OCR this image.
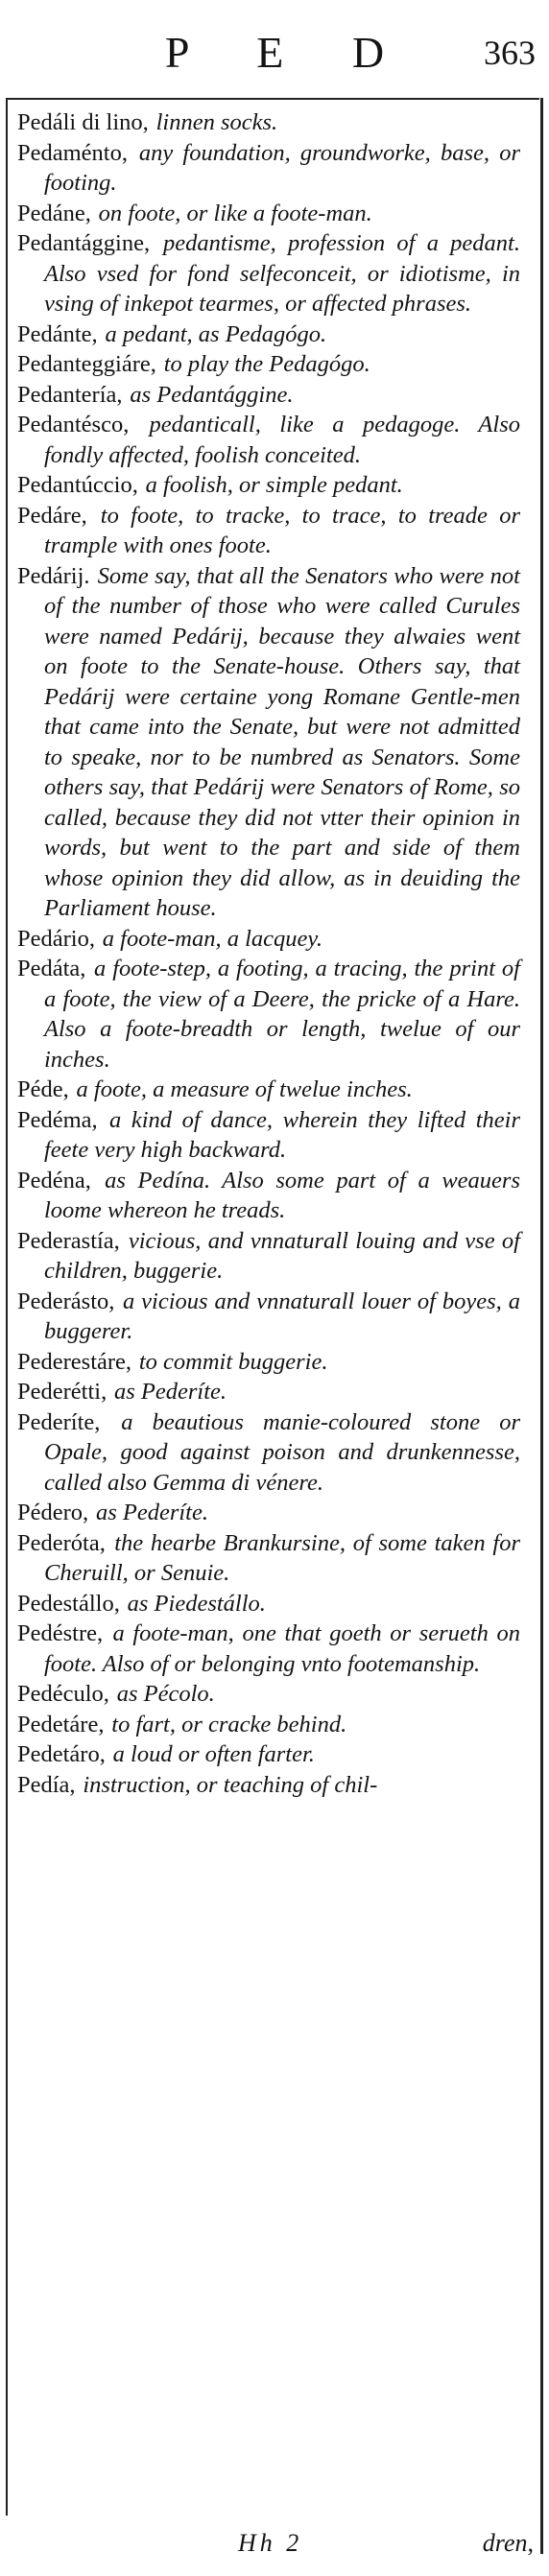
P E D	363

Pedáli di lino, linnen socks.

Pedaménto, any foundation, groundworke, base, or footing.

Pedáne, on foote, or like a foote-man.

Pedantággine, pedantisme, profession of a pedant. Also vsed for fond selfeconceit, or idiotisme, in vsing of inkepot tearmes, or affected phrases.

Pedánte, a pedant, as Pedagógo.

Pedanteggiáre, to play the Pedagógo.

Pedantería, as Pedantággine.

Pedantésco, pedanticall, like a pedagoge. Also fondly affected, foolish conceited.

Pedantúccio, a foolish, or simple pedant.

Pedáre, to foote, to tracke, to trace, to treade or trample with ones foote.

Pedárij. Some say, that all the Senators who were not of the number of those who were called Curules were named Pedárij, because they alwaies went on foote to the Senate-house. Others say, that Pedárij were certaine yong Romane Gentle-men that came into the Senate, but were not admitted to speake, nor to be numbred as Senators. Some others say, that Pedárij were Senators of Rome, so called, because they did not vtter their opinion in words, but went to the part and side of them whose opinion they did allow, as in deuiding the Parliament house.

Pedário, a foote-man, a lacquey.

Pedáta, a foote-step, a footing, a tracing, the print of a foote, the view of a Deere, the pricke of a Hare. Also a foote-breadth or length, twelue of our inches.

Péde, a foote, a measure of twelue inches.

Pedéma, a kind of dance, wherein they lifted their feete very high backward.

Pedéna, as Pedína. Also some part of a weauers loome whereon he treads.

Pederastía, vicious, and vnnaturall louing and vse of children, buggerie.

Pederásto, a vicious and vnnaturall louer of boyes, a buggerer.

Pederestáre, to commit buggerie.

Pederétti, as Pederíte.

Pederíte, a beautious manie-coloured stone or Opale, good against poison and drunkennesse, called also Gemma di vénere.

Pédero, as Pederíte.

Pederóta, the hearbe Brankursine, of some taken for Cheruill, or Senuie.

Pedestállo, as Piedestállo.

Pedéstre, a foote-man, one that goeth or serueth on foote. Also of or belonging vnto footemanship.

Pedéculo, as Pécolo.

Pedetáre, to fart, or cracke behind.

Pedetáro, a loud or often farter.

Pedía, instruction, or teaching of chil-

Hh 2	dren,
